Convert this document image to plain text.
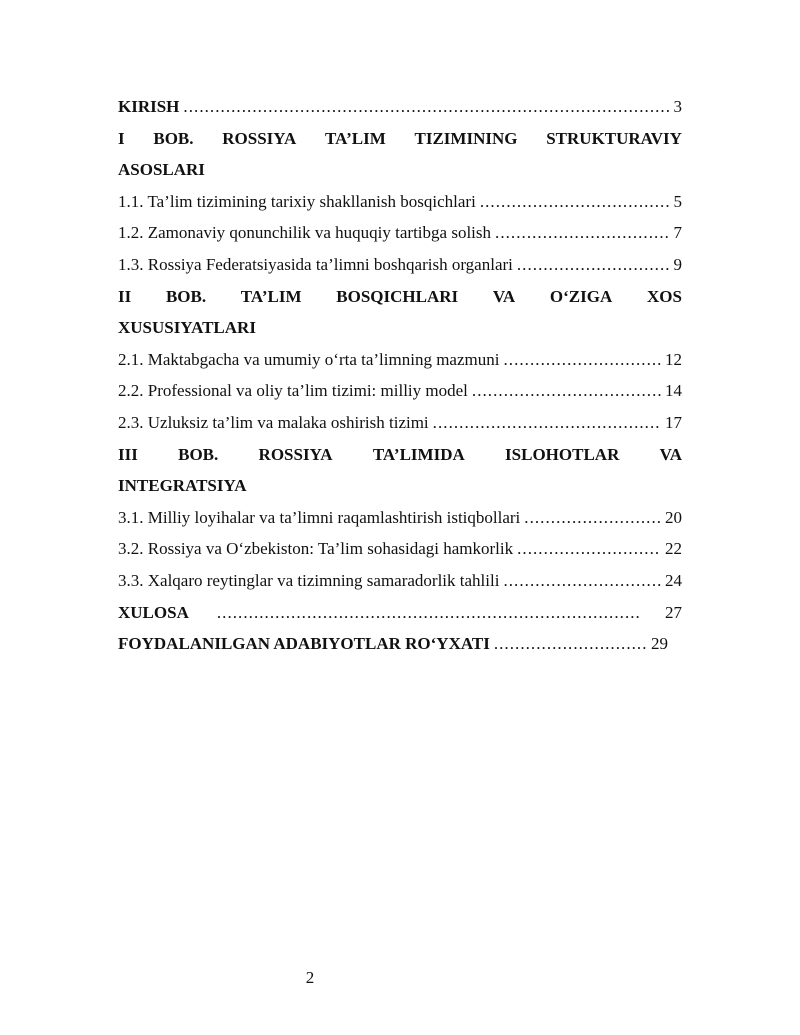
KIRISH . . .	3
I BOB. ROSSIYA TA’LIM TIZIMINING STRUKTURAVIY
ASOSLARI
1.1. Ta’lim tizimining tarixiy shakllanish bosqichlari . . .	5
1.2. Zamonaviy qonunchilik va huquqiy tartibga solish . . .	7
1.3. Rossiya Federatsiyasida ta’limni boshqarish organlari . . .	9
II BOB. TA’LIM BOSQICHLARI VA O‘ZIGA XOS
XUSUSIYATLARI
2.1. Maktabgacha va umumiy o‘rta ta’limning mazmuni . . .	12
2.2. Professional va oliy ta’lim tizimi: milliy model . . .	14
2.3. Uzluksiz ta’lim va malaka oshirish tizimi . . .	17
III BOB. ROSSIYA TA’LIMIDA ISLOHOTLAR VA
INTEGRATSIYA
3.1. Milliy loyihalar va ta’limni raqamlashtirish istiqbollari . . .	20
3.2. Rossiya va O‘zbekiston: Ta’lim sohasidagi hamkorlik . . .	22
3.3. Xalqaro reytinglar va tizimning samaradorlik tahlili . . .	24
XULOSA . . .	27
FOYDALANILGAN ADABIYOTLAR RO‘YXATI . . .	29
2
